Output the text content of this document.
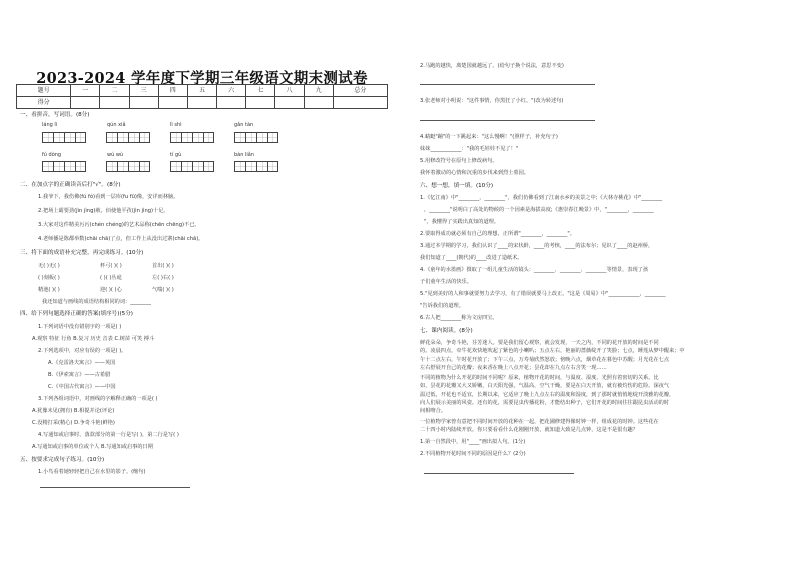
2023-2024 学年度下学期三年级语文期末测试卷
题号	一	二	三	四	五	六	七	八	九	总分
得分										
一、看拼音，写词语。(8分)
láng lì	qún xiǎ	lì shì	gǎn tàn
fú dòng	wú wù	tí gù	bàn liǎn
二、在加点字的正确读音后打"√"。(8分)
1.我爷下，我伤佛(fú fó)看到一层库(fu fū)像，安详而林脑。
2.把场上霸要劲(jìn jìng)赦，佰使他平孜(jìn jìng)十足。
3.大家对这件精美污污(chén chéng)的艺术品称(chēn chēng)不已。
4.老师播是陈都举数(chāi chā)了点，但工作上从没出过寨(chāi chā)。
三、将下面的成语补充完整，再完成练习。(10分)
无( )无( )	杯弓( )( )	首出( )( )
( )刻板( )	( )( )丛诡	左( )右( )
精池( )( )	迎( )( )心	气喘( )( )
我还知道与画线的成语结构相同的词：________
四、给下列句题选择正确的答案(填序号)(5分)
1.下列词语中没有错别字的一项是( )
A.观察 特征 行鱼 B.复习 历史 音表 C.树苗 可笑 搏斗
2.下列选项中，对应有误的一项是( )。
A.《克雷洛夫寓言》——英国
B.《伊索寓言》——古希腊
C.《中国古代寓言》——中国
3.下列各组词语中，对画线的字解释正确的一项是( )
A.犹豫未见(拥有) B.相提并论(评论)
C.没精打采(精心) D.争奇斗艳(鲜艳)
4.写通知或启事时，落款部分的第一行是写( )，第二行是写( )
A.写通知或启事的单位或个人 B.写通知或启事的日期
五、按要求完成句子练习。(10分)
1.小鸟看着她轻轻把自己在水里的影子。(缩句)
2.马跑的越快，离楚国就越远了。(给句子换个说法，意思不变)
3.张老师对小明说："这件事情，你黑狂了小红。"(改为转述句)
4.蜻蜓"蹦"的一下跳起来："这么慢啊！"(照样子，补充句子)
妹妹____________："我的毛娃娃不见了！"
5.用修改符号在原句上修改病句。
我怀着激动的心情和沉重的步伐来到烈士墓园。
六、想一想，填一填。(10分)
1.《忆江南》中"________，________"，我们仿佛看到了江南水乡的美景之中;《大林寺桃花》中"________
，________"说明白了高处的物候的一个因素是海拔高度;《惠崇春江晚景》中，"________，________
"，我懂得了实践出真知的道理。
2.要取得成功就必须有自己的理想，正所谓"________，________"。
3.通过本学期的学习，我们认识了____的宋状龄，____的考核，____的法布尔；见识了____的赵州桥，
我们知道了____(朝代)的____改进了造纸术。
4.《童年的水墨画》摄取了一组儿童生活的镜头：________、________、________等情景，表现了孩
子们童年生活的快乐。
5."见到美好的人和事就要努力去学习，有了错误就要马上改正。"这是《周易》中"____________，________
"告诉我们的道理。
6.古人把________称为文房四宝。
七、课内阅读。(8分)

鲜花朵朵，争奇斗艳，芬芳迷人。要是我们留心观察，就会发现，一天之内，不同的花开放的时间是不同

的。凌晨四点，牵牛花欢快地吹起了紫色的小喇叭；五点左右，艳丽的蔷薇绽开了笑脸；七点，睡莲从梦中醒来；中

午十二点左右，午时花开放了；下午三点，万寿菊欣然怒放；傍晚六点，烟草花在暮色中苏醒；月光花在七点

左右舒展开自己的花瓣；夜来香在晚上八点开花；昙花却在九点左右含笑一现……

不同的植物为什么开花的时间不同呢？原来，植物开花的时间，与温度、湿度、光照有着密切的关系。比

如，昙花的花瓣又大又娇嫩，白天阳光强，气温高，空气干燥，要是在白天开放，就有被灼伤的危险。深夜气

温过低，开花也不适宜，长期以来，它适应了晚上九点左右的温度和湿度，到了那时就悄悄地绽开淡雅的花瓣，

向人们展示美丽的风姿。还有的花，需要昆虫传播花粉，才能结出种子，它们开花的时间往往跟昆虫活动的时

间相吻合。

一位植物学家曾有意把不同时间开放的花种在一起，把花圃修建得像时钟一样，组成花的时钟。这些花在

二十四小时内陆续开放。你只要看看什么花刚刚开放，就知道大致是几点钟，这是不是很有趣？

1.第一自然段中，用"____"画出拟人句。(1分)
2.不同植物开花时间不同的原因是什么？(2分)
